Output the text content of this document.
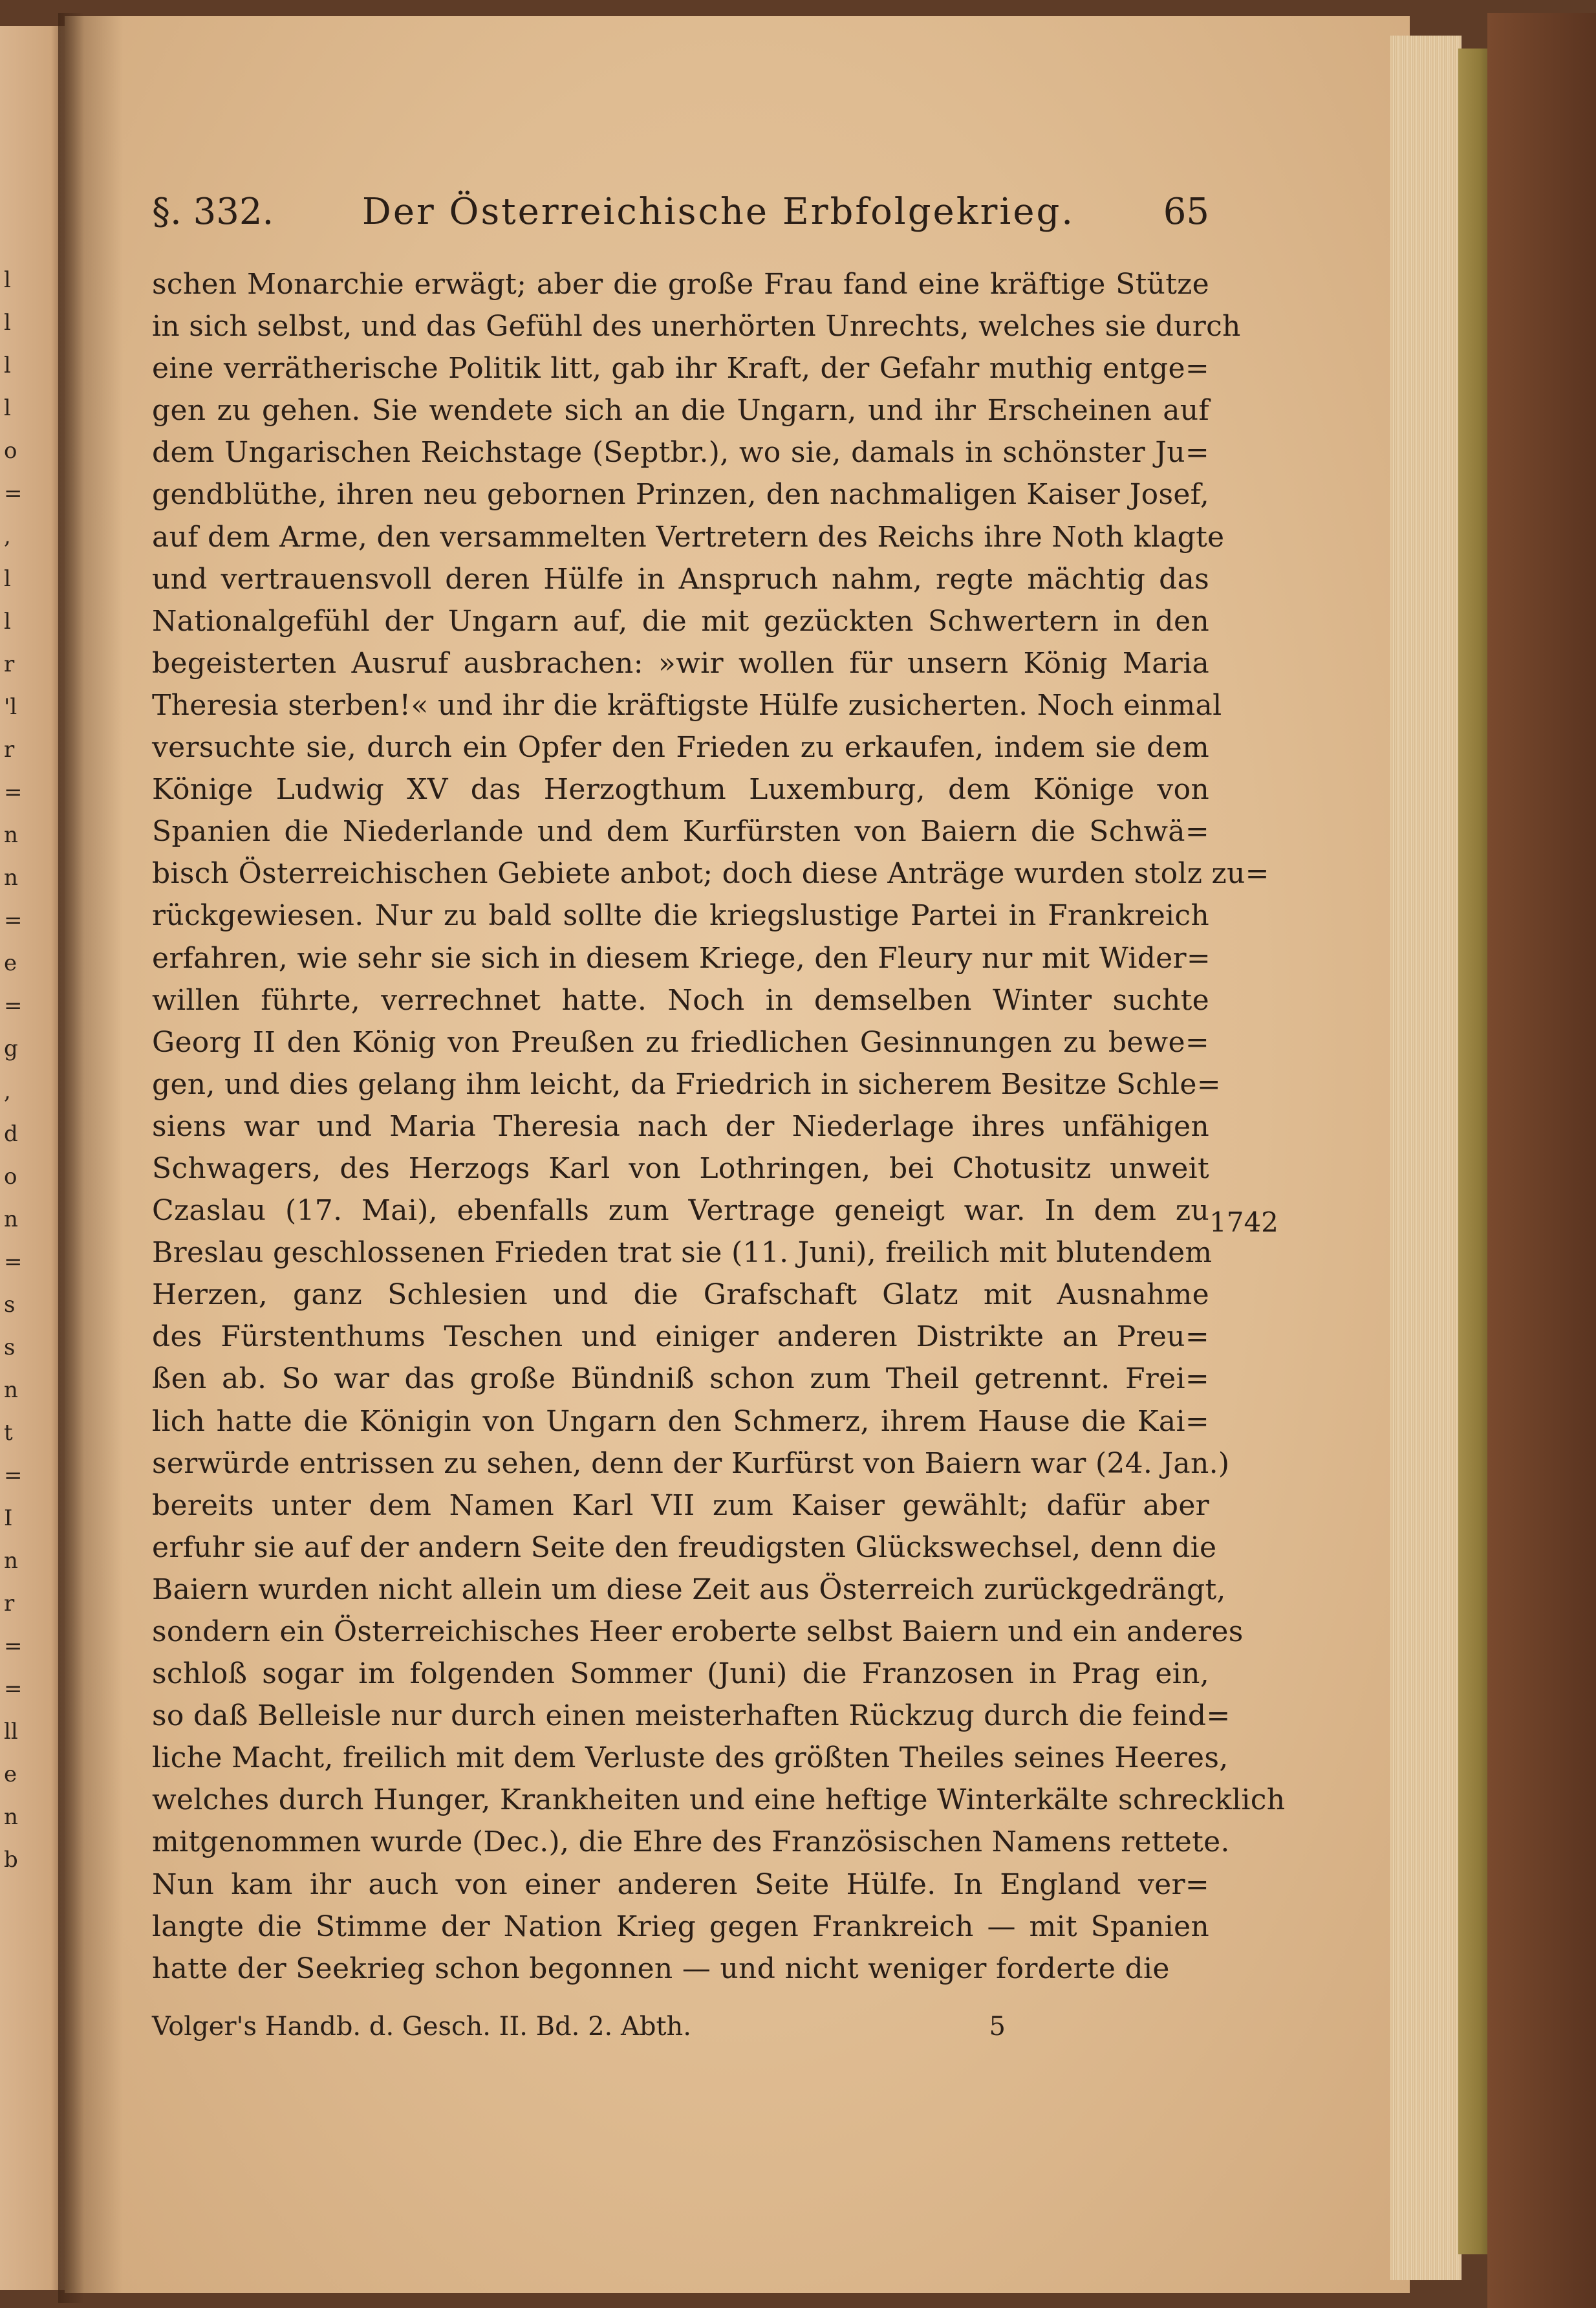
l
l
l
l
o
=
,
l
l
r
'l
r
=
n
n
=
e
=
g
,
d
o
n
=
s
s
n
t
=
I
n
r
=
=
ll
e
n
b
§. 332. Der Österreichische Erbfolgekrieg. 65
schen Monarchie erwägt; aber die große Frau fand eine kräftige Stütze
in sich selbst, und das Gefühl des unerhörten Unrechts, welches sie durch
eine verrätherische Politik litt, gab ihr Kraft, der Gefahr muthig entge=
gen zu gehen. Sie wendete sich an die Ungarn, und ihr Erscheinen auf
dem Ungarischen Reichstage (Septbr.), wo sie, damals in schönster Ju=
gendblüthe, ihren neu gebornen Prinzen, den nachmaligen Kaiser Josef,
auf dem Arme, den versammelten Vertretern des Reichs ihre Noth klagte
und vertrauensvoll deren Hülfe in Anspruch nahm, regte mächtig das
Nationalgefühl der Ungarn auf, die mit gezückten Schwertern in den
begeisterten Ausruf ausbrachen: »wir wollen für unsern König Maria
Theresia sterben!« und ihr die kräftigste Hülfe zusicherten. Noch einmal
versuchte sie, durch ein Opfer den Frieden zu erkaufen, indem sie dem
Könige Ludwig XV das Herzogthum Luxemburg, dem Könige von
Spanien die Niederlande und dem Kurfürsten von Baiern die Schwä=
bisch Österreichischen Gebiete anbot; doch diese Anträge wurden stolz zu=
rückgewiesen. Nur zu bald sollte die kriegslustige Partei in Frankreich
erfahren, wie sehr sie sich in diesem Kriege, den Fleury nur mit Wider=
willen führte, verrechnet hatte. Noch in demselben Winter suchte
Georg II den König von Preußen zu friedlichen Gesinnungen zu bewe=
gen, und dies gelang ihm leicht, da Friedrich in sicherem Besitze Schle=
siens war und Maria Theresia nach der Niederlage ihres unfähigen
Schwagers, des Herzogs Karl von Lothringen, bei Chotusitz unweit
Czaslau (17. Mai), ebenfalls zum Vertrage geneigt war. In dem zu
Breslau geschlossenen Frieden trat sie (11. Juni), freilich mit blutendem
Herzen, ganz Schlesien und die Grafschaft Glatz mit Ausnahme
des Fürstenthums Teschen und einiger anderen Distrikte an Preu=
ßen ab. So war das große Bündniß schon zum Theil getrennt. Frei=
lich hatte die Königin von Ungarn den Schmerz, ihrem Hause die Kai=
serwürde entrissen zu sehen, denn der Kurfürst von Baiern war (24. Jan.)
bereits unter dem Namen Karl VII zum Kaiser gewählt; dafür aber
erfuhr sie auf der andern Seite den freudigsten Glückswechsel, denn die
Baiern wurden nicht allein um diese Zeit aus Österreich zurückgedrängt,
sondern ein Österreichisches Heer eroberte selbst Baiern und ein anderes
schloß sogar im folgenden Sommer (Juni) die Franzosen in Prag ein,
so daß Belleisle nur durch einen meisterhaften Rückzug durch die feind=
liche Macht, freilich mit dem Verluste des größten Theiles seines Heeres,
welches durch Hunger, Krankheiten und eine heftige Winterkälte schrecklich
mitgenommen wurde (Dec.), die Ehre des Französischen Namens rettete.
Nun kam ihr auch von einer anderen Seite Hülfe. In England ver=
langte die Stimme der Nation Krieg gegen Frankreich — mit Spanien
hatte der Seekrieg schon begonnen — und nicht weniger forderte die
1742
Volger's Handb. d. Gesch. II. Bd. 2. Abth.	5
